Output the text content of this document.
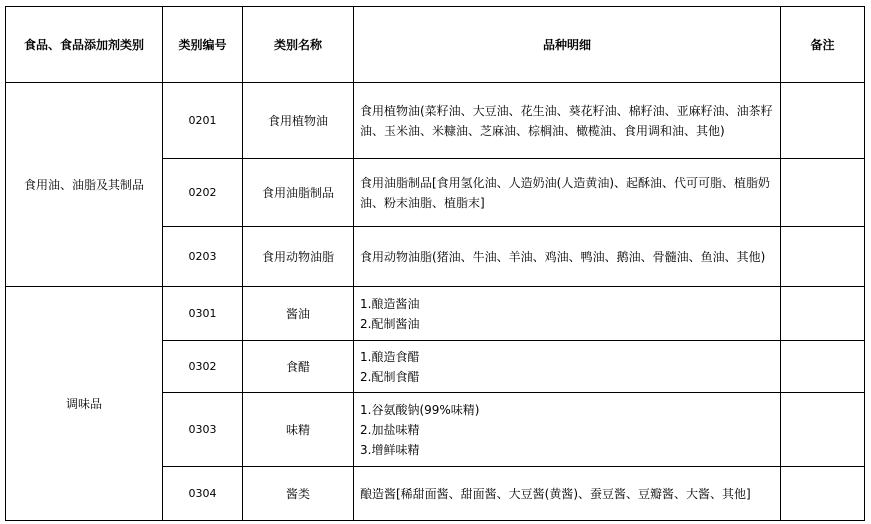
食品、食品添加剂类别	类别编号	类别名称	品种明细	备注
食用油、油脂及其制品	0201	食用植物油	食用植物油(菜籽油、大豆油、花生油、葵花籽油、棉籽油、亚麻籽油、油茶籽油、玉米油、米糠油、芝麻油、棕榈油、橄榄油、食用调和油、其他)	

	0202	食用油脂制品	食用油脂制品[食用氢化油、人造奶油(人造黄油)、起酥油、代可可脂、植脂奶油、粉末油脂、植脂末]	

	0203	食用动物油脂	食用动物油脂(猪油、牛油、羊油、鸡油、鸭油、鹅油、骨髓油、鱼油、其他)	

调味品	0301	酱油	1.酿造酱油
2.配制酱油	

	0302	食醋	1.酿造食醋
2.配制食醋	

	0303	味精	1.谷氨酸钠(99%味精)
2.加盐味精
3.增鲜味精	

	0304	酱类	酿造酱[稀甜面酱、甜面酱、大豆酱(黄酱)、蚕豆酱、豆瓣酱、大酱、其他]	
